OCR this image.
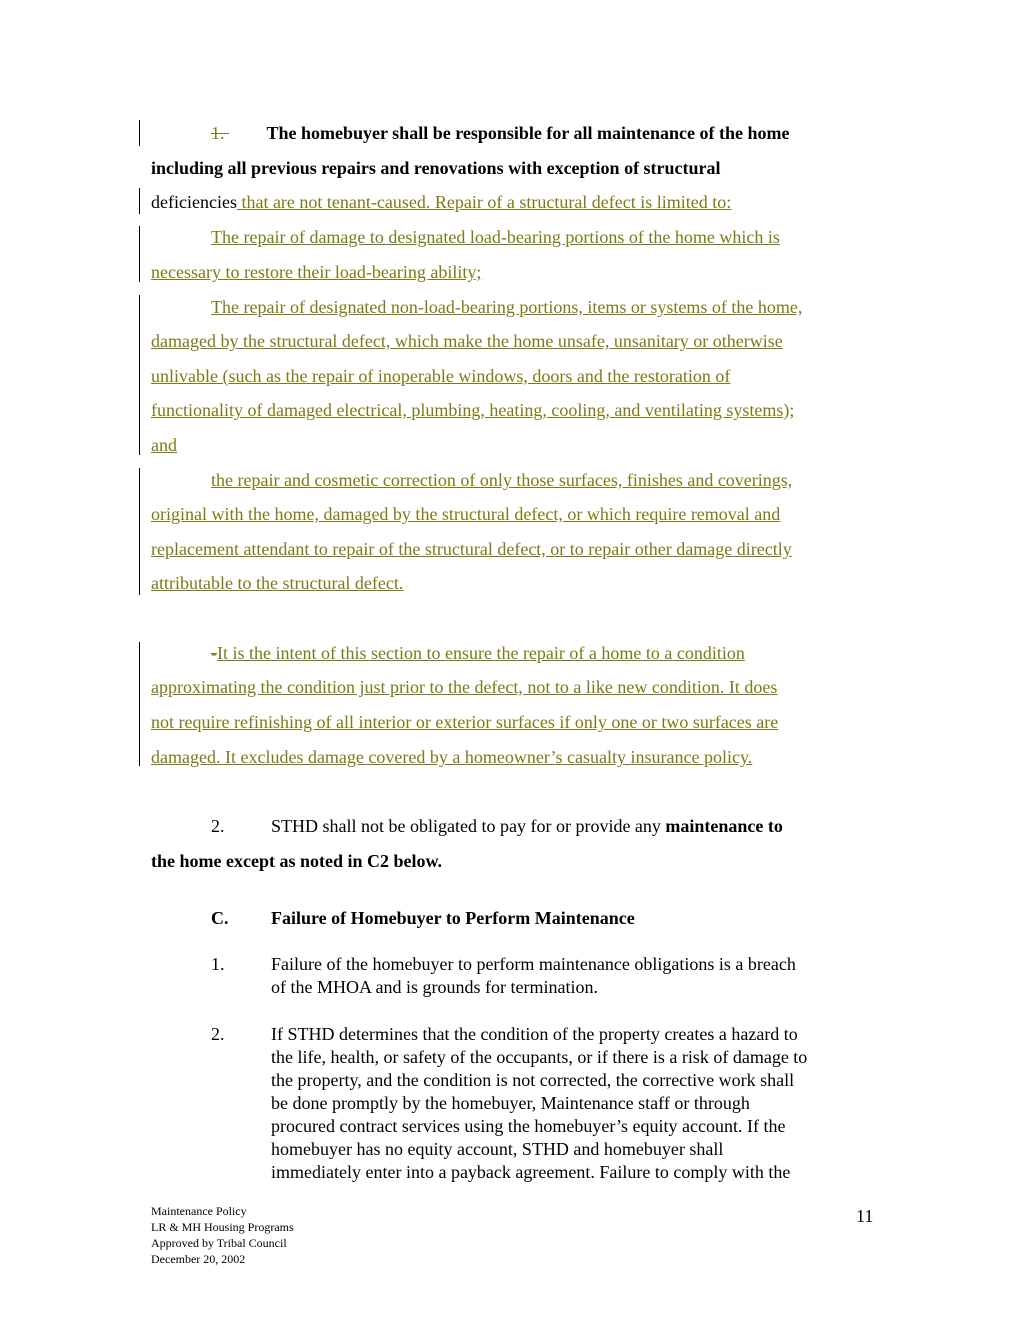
1. The homebuyer shall be responsible for all maintenance of the home
including all previous repairs and renovations with exception of structural
deficiencies that are not tenant-caused. Repair of a structural defect is limited to:
The repair of damage to designated load-bearing portions of the home which is
necessary to restore their load-bearing ability;
The repair of designated non-load-bearing portions, items or systems of the home,
damaged by the structural defect, which make the home unsafe, unsanitary or otherwise
unlivable (such as the repair of inoperable windows, doors and the restoration of
functionality of damaged electrical, plumbing, heating, cooling, and ventilating systems);
and
the repair and cosmetic correction of only those surfaces, finishes and coverings,
original with the home, damaged by the structural defect, or which require removal and
replacement attendant to repair of the structural defect, or to repair other damage directly
attributable to the structural defect.
-It is the intent of this section to ensure the repair of a home to a condition
approximating the condition just prior to the defect, not to a like new condition. It does
not require refinishing of all interior or exterior surfaces if only one or two surfaces are
damaged. It excludes damage covered by a homeowner’s casualty insurance policy.
2.	STHD shall not be obligated to pay for or provide any maintenance to
the home except as noted in C2 below.
C. Failure of Homebuyer to Perform Maintenance
1.	Failure of the homebuyer to perform maintenance obligations is a breach
of the MHOA and is grounds for termination.
2.	If STHD determines that the condition of the property creates a hazard to
the life, health, or safety of the occupants, or if there is a risk of damage to
the property, and the condition is not corrected, the corrective work shall
be done promptly by the homebuyer, Maintenance staff or through
procured contract services using the homebuyer’s equity account. If the
homebuyer has no equity account, STHD and homebuyer shall
immediately enter into a payback agreement. Failure to comply with the
Maintenance Policy
LR & MH Housing Programs
Approved by Tribal Council
December 20, 2002
11
